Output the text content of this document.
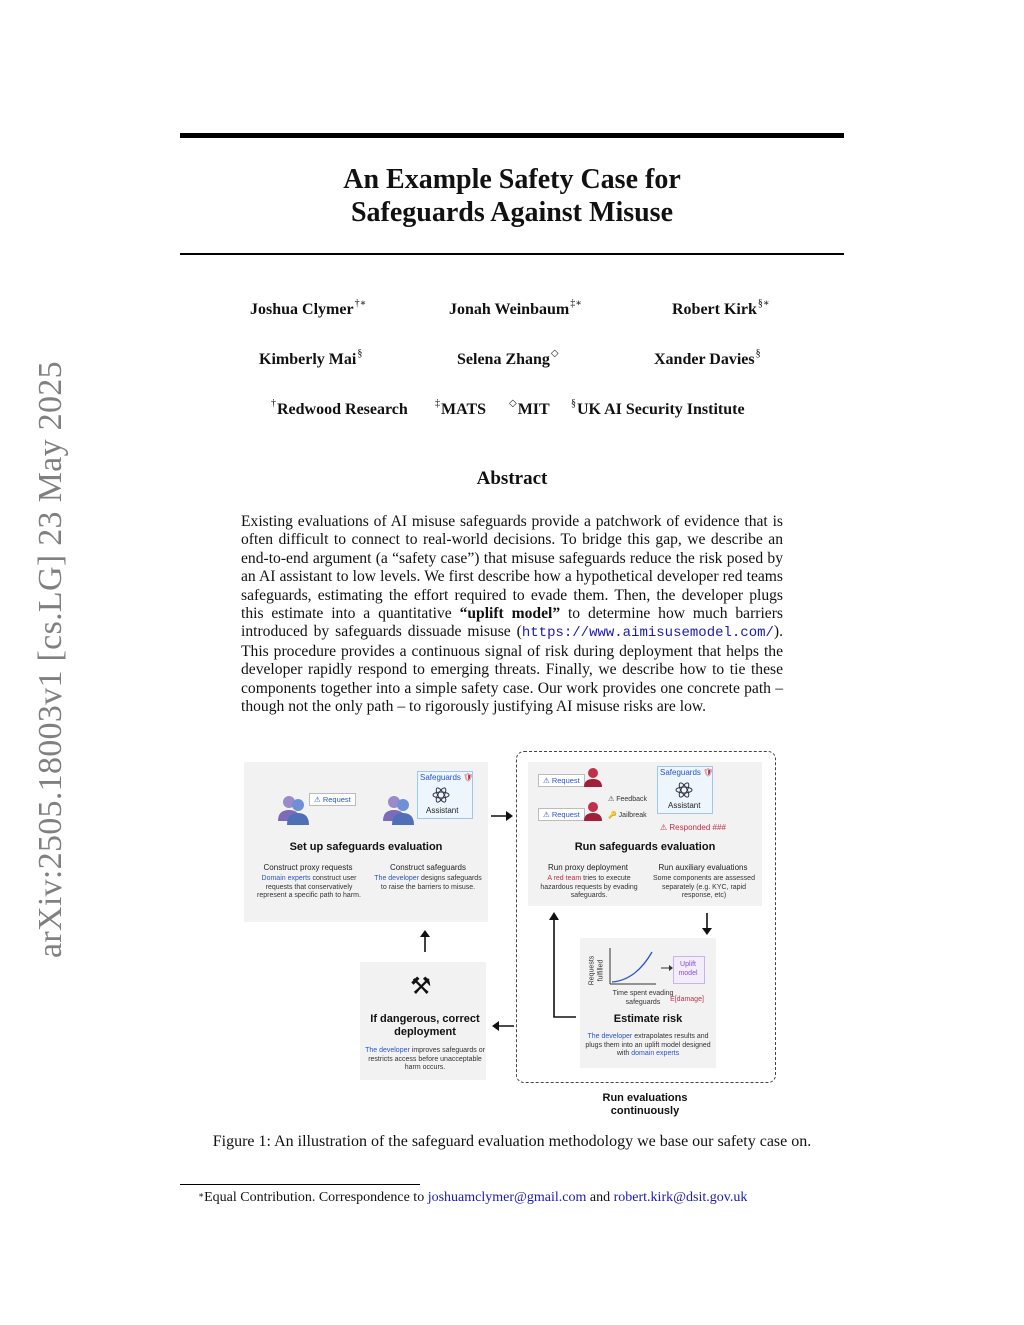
arXiv:2505.18003v1 [cs.LG] 23 May 2025
An Example Safety Case for
Safeguards Against Misuse
Joshua Clymer†∗	Jonah Weinbaum‡∗	Robert Kirk§∗
Kimberly Mai§	Selena Zhang◇	Xander Davies§
†Redwood Research	‡MATS ◇MIT §UK AI Security Institute
Abstract
Existing evaluations of AI misuse safeguards provide a patchwork of evidence that is often difficult to connect to real-world decisions. To bridge this gap, we describe an end-to-end argument (a “safety case”) that misuse safeguards reduce the risk posed by an AI assistant to low levels. We first describe how a hypothetical developer red teams safeguards, estimating the effort required to evade them. Then, the developer plugs this estimate into a quantitative “uplift model” to determine how much barriers introduced by safeguards dissuade misuse (https://www.aimisusemodel.com/). This procedure provides a continuous signal of risk during deployment that helps the developer rapidly respond to emerging threats. Finally, we describe how to tie these components together into a simple safety case. Our work provides one concrete path – though not the only path – to rigorously justifying AI misuse risks are low.
⚠ Request
Safeguards 🛡
Assistant
Set up safeguards evaluation
Construct proxy requests
Domain experts construct user requests that conservatively represent a specific path to harm.
Construct safeguards
The developer designs safeguards to raise the barriers to misuse.
⚠ Request
⚠ Request
⚠ Feedback
🔑 Jailbreak
Safeguards 🛡
Assistant
⚠ Responded ###
Run safeguards evaluation
Run proxy deployment
A red team tries to execute hazardous requests by evading safeguards.
Run auxiliary evaluations
Some components are assessed separately (e.g. KYC, rapid response, etc)
Requests fulfilled
Time spent evading safeguards
Uplift model
E[damage]
Estimate risk
The developer extrapolates results and plugs them into an uplift model designed with domain experts
⚒
If dangerous, correct deployment
The developer improves safeguards or restricts access before unacceptable harm occurs.
Run evaluations continuously
Figure 1: An illustration of the safeguard evaluation methodology we base our safety case on.
∗Equal Contribution. Correspondence to joshuamclymer@gmail.com and robert.kirk@dsit.gov.uk
